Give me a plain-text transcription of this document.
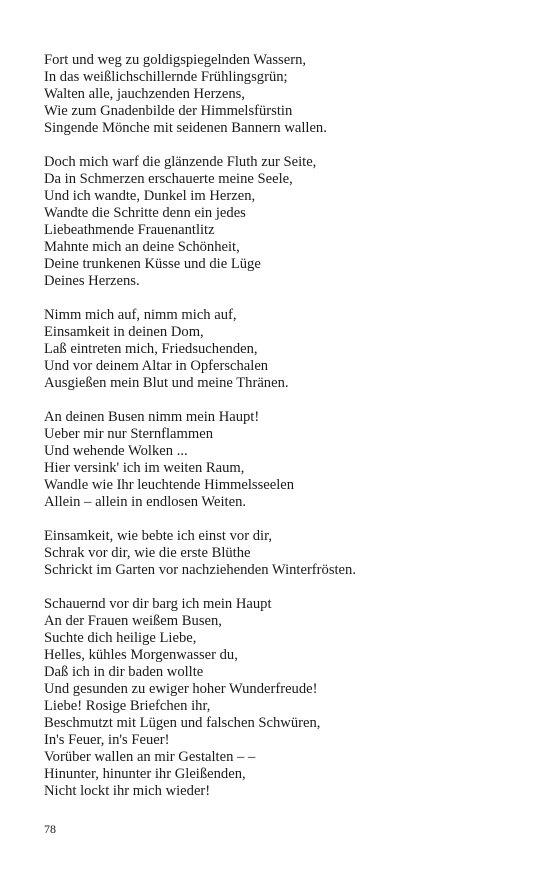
Fort und weg zu goldigspiegelnden Wassern,
In das weißlichschillernde Frühlingsgrün;
Walten alle, jauchzenden Herzens,
Wie zum Gnadenbilde der Himmelsfürstin
Singende Mönche mit seidenen Bannern wallen.
Doch mich warf die glänzende Fluth zur Seite,
Da in Schmerzen erschauerte meine Seele,
Und ich wandte, Dunkel im Herzen,
Wandte die Schritte denn ein jedes
Liebeathmende Frauenantlitz
Mahnte mich an deine Schönheit,
Deine trunkenen Küsse und die Lüge
Deines Herzens.
Nimm mich auf, nimm mich auf,
Einsamkeit in deinen Dom,
Laß eintreten mich, Friedsuchenden,
Und vor deinem Altar in Opferschalen
Ausgießen mein Blut und meine Thränen.
An deinen Busen nimm mein Haupt!
Ueber mir nur Sternflammen
Und wehende Wolken ...
Hier versink' ich im weiten Raum,
Wandle wie Ihr leuchtende Himmelsseelen
Allein – allein in endlosen Weiten.
Einsamkeit, wie bebte ich einst vor dir,
Schrak vor dir, wie die erste Blüthe
Schrickt im Garten vor nachziehenden Winterfrösten.
Schauernd vor dir barg ich mein Haupt
An der Frauen weißem Busen,
Suchte dich heilige Liebe,
Helles, kühles Morgenwasser du,
Daß ich in dir baden wollte
Und gesunden zu ewiger hoher Wunderfreude!
Liebe! Rosige Briefchen ihr,
Beschmutzt mit Lügen und falschen Schwüren,
In's Feuer, in's Feuer!
Vorüber wallen an mir Gestalten – –
Hinunter, hinunter ihr Gleißenden,
Nicht lockt ihr mich wieder!
78
